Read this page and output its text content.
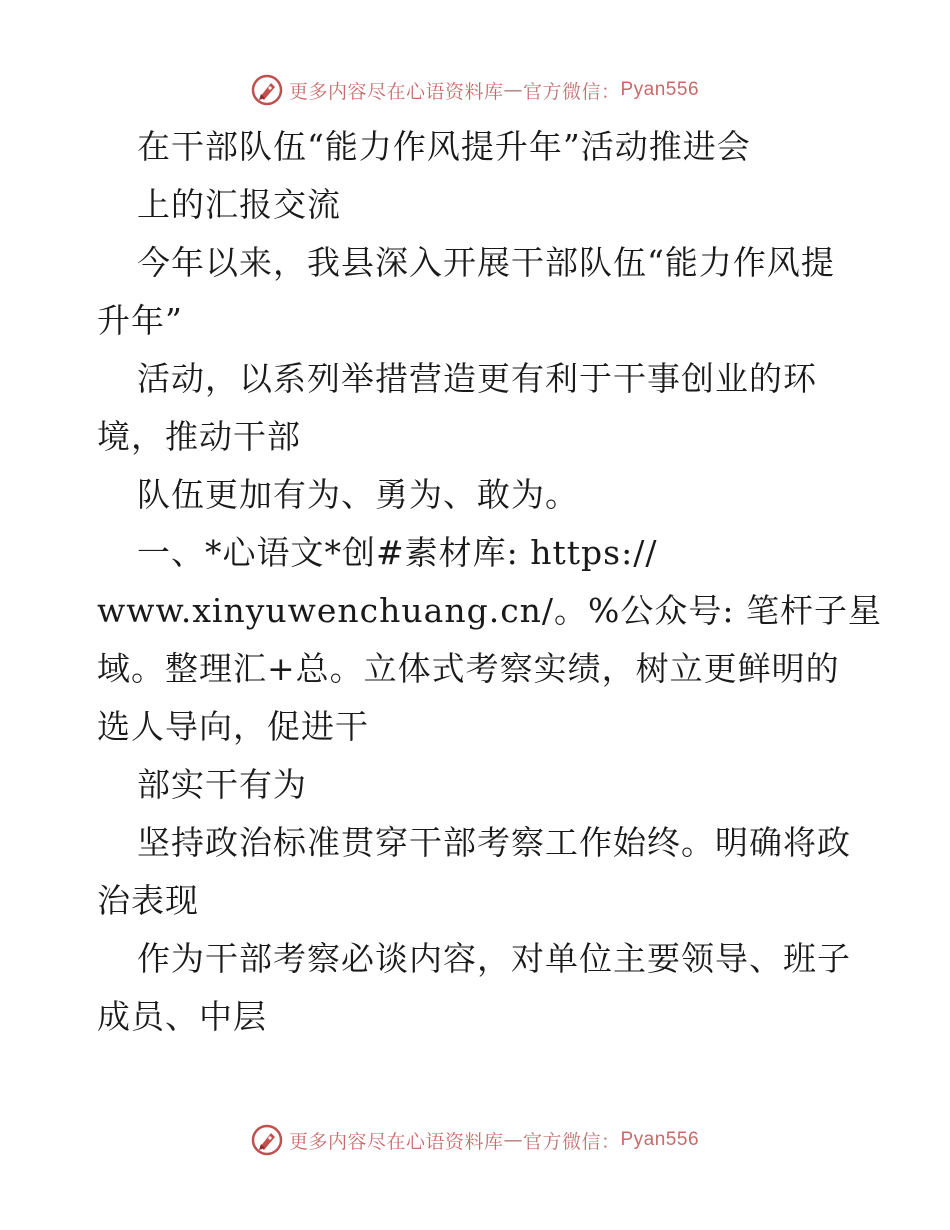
更多内容尽在心语资料库 — 官方微信： Pyan556

在干部队伍“能力作风提升年”活动推进会

上的汇报交流

今年以来，我县深入开展干部队伍“能力作风提

升年”

活动，以系列举措营造更有利于干事创业的环

境，推动干部

队伍更加有为、勇为、敢为。

一、*心语文*创#素材库: https://

www.xinyuwenchuang.cn/。%公众号: 笔杆子星

域。整理汇+总。立体式考察实绩，树立更鲜明的

选人导向，促进干

部实干有为

坚持政治标准贯穿干部考察工作始终。明确将政

治表现

作为干部考察必谈内容，对单位主要领导、班子

成员、中层

更多内容尽在心语资料库 — 官方微信： Pyan556
